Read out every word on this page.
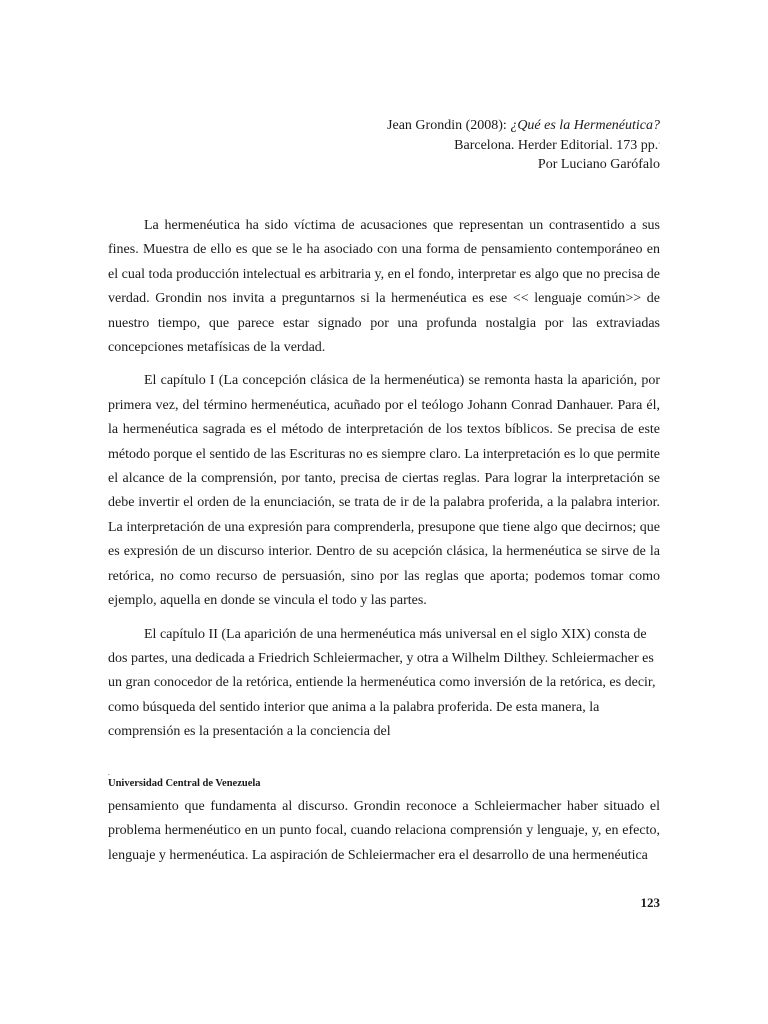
Jean Grondin (2008): ¿Qué es la Hermenéutica?
Barcelona. Herder Editorial. 173 pp..
Por Luciano Garófalo

La hermenéutica ha sido víctima de acusaciones que representan un contrasentido a sus fines. Muestra de ello es que se le ha asociado con una forma de pensamiento contemporáneo en el cual toda producción intelectual es arbitraria y, en el fondo, interpretar es algo que no precisa de verdad. Grondin nos invita a preguntarnos si la hermenéutica es ese << lenguaje común>> de nuestro tiempo, que parece estar signado por una profunda nostalgia por las extraviadas concepciones metafísicas de la verdad.

El capítulo I (La concepción clásica de la hermenéutica) se remonta hasta la aparición, por primera vez, del término hermenéutica, acuñado por el teólogo Johann Conrad Danhauer. Para él, la hermenéutica sagrada es el método de interpretación de los textos bíblicos. Se precisa de este método porque el sentido de las Escrituras no es siempre claro. La interpretación es lo que permite el alcance de la comprensión, por tanto, precisa de ciertas reglas. Para lograr la interpretación se debe invertir el orden de la enunciación, se trata de ir de la palabra proferida, a la palabra interior. La interpretación de una expresión para comprenderla, presupone que tiene algo que decirnos; que es expresión de un discurso interior. Dentro de su acepción clásica, la hermenéutica se sirve de la retórica, no como recurso de persuasión, sino por las reglas que aporta; podemos tomar como ejemplo, aquella en donde se vincula el todo y las partes.

El capítulo II (La aparición de una hermenéutica más universal en el siglo XIX) consta de dos partes, una dedicada a Friedrich Schleiermacher, y otra a Wilhelm Dilthey. Schleiermacher es un gran conocedor de la retórica, entiende la hermenéutica como inversión de la retórica, es decir, como búsqueda del sentido interior que anima a la palabra proferida. De esta manera, la comprensión es la presentación a la conciencia del

.
Universidad Central de Venezuela

pensamiento que fundamenta al discurso. Grondin reconoce a Schleiermacher haber situado el problema hermenéutico en un punto focal, cuando relaciona comprensión y lenguaje, y, en efecto, lenguaje y hermenéutica. La aspiración de Schleiermacher era el desarrollo de una hermenéutica

123
